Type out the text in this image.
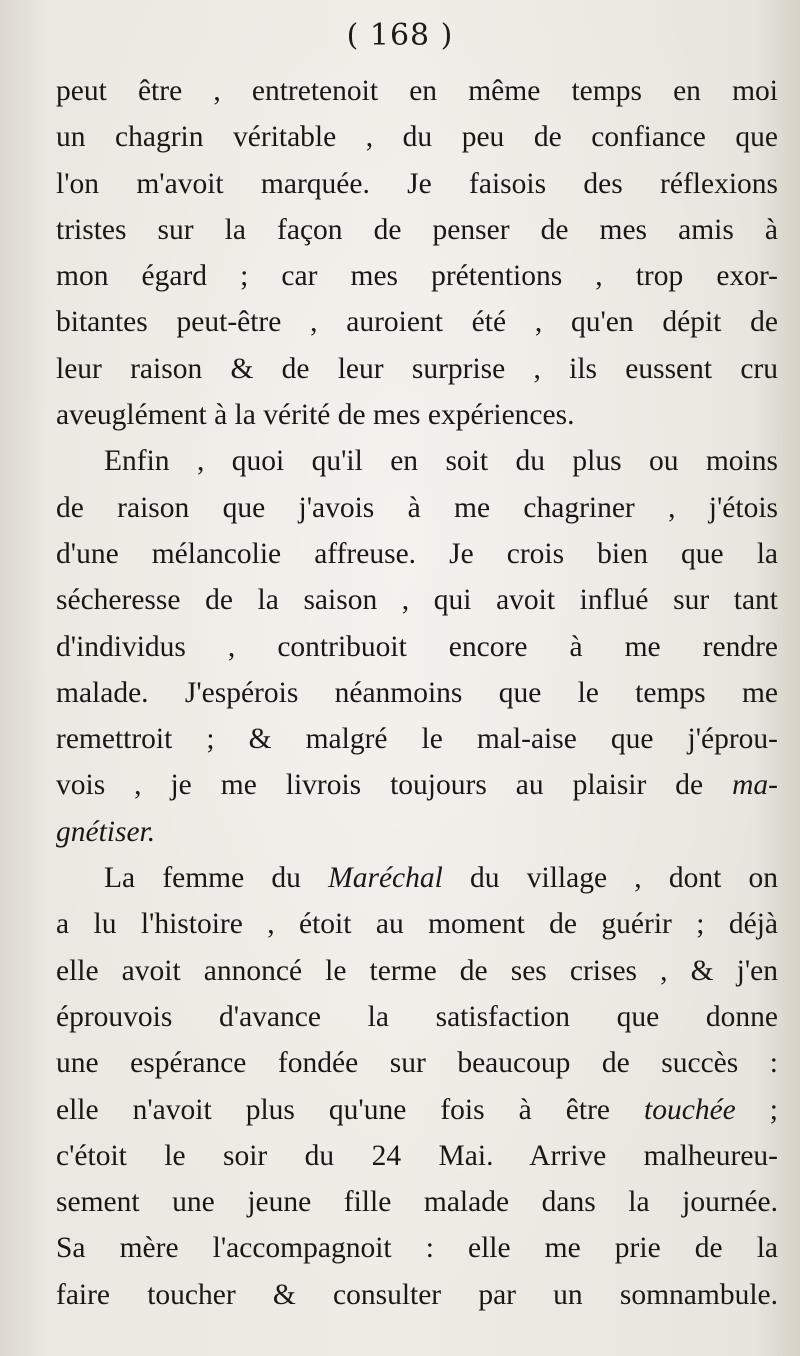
( 168 )
peut être , entretenoit en même temps en moi
un chagrin véritable , du peu de confiance que
l'on m'avoit marquée. Je faisois des réflexions
tristes sur la façon de penser de mes amis à
mon égard ; car mes prétentions , trop exor-
bitantes peut-être , auroient été , qu'en dépit de
leur raison & de leur surprise , ils eussent cru
aveuglément à la vérité de mes expériences.
Enfin , quoi qu'il en soit du plus ou moins
de raison que j'avois à me chagriner , j'étois
d'une mélancolie affreuse. Je crois bien que la
sécheresse de la saison , qui avoit influé sur tant
d'individus , contribuoit encore à me rendre
malade. J'espérois néanmoins que le temps me
remettroit ; & malgré le mal-aise que j'éprou-
vois , je me livrois toujours au plaisir de ma-
gnétiser.
La femme du Maréchal du village , dont on
a lu l'histoire , étoit au moment de guérir ; déjà
elle avoit annoncé le terme de ses crises , & j'en
éprouvois d'avance la satisfaction que donne
une espérance fondée sur beaucoup de succès :
elle n'avoit plus qu'une fois à être touchée ;
c'étoit le soir du 24 Mai. Arrive malheureu-
sement une jeune fille malade dans la journée.
Sa mère l'accompagnoit : elle me prie de la
faire toucher & consulter par un somnambule.
